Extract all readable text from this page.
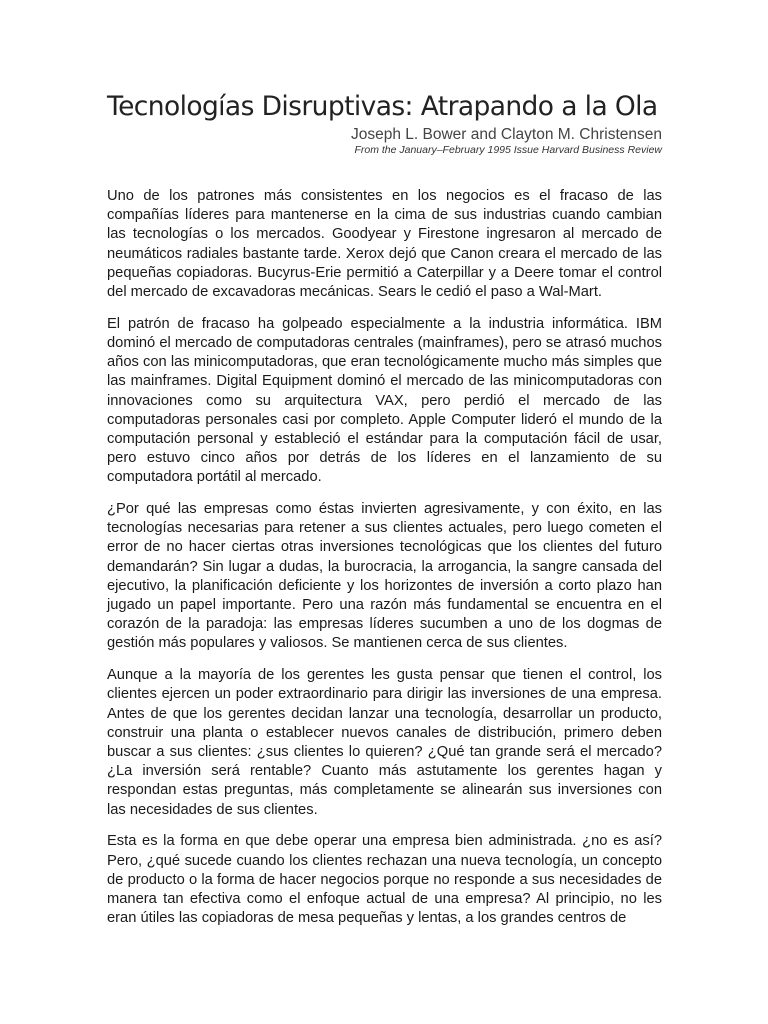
Tecnologías Disruptivas: Atrapando a la Ola
Joseph L. Bower and Clayton M. Christensen
From the January–February 1995 Issue Harvard Business Review

Uno de los patrones más consistentes en los negocios es el fracaso de las compañías líderes para mantenerse en la cima de sus industrias cuando cambian las tecnologías o los mercados. Goodyear y Firestone ingresaron al mercado de neumáticos radiales bastante tarde. Xerox dejó que Canon creara el mercado de las pequeñas copiadoras. Bucyrus-Erie permitió a Caterpillar y a Deere tomar el control del mercado de excavadoras mecánicas. Sears le cedió el paso a Wal-Mart.

El patrón de fracaso ha golpeado especialmente a la industria informática. IBM dominó el mercado de computadoras centrales (mainframes), pero se atrasó muchos años con las minicomputadoras, que eran tecnológicamente mucho más simples que las mainframes. Digital Equipment dominó el mercado de las minicomputadoras con innovaciones como su arquitectura VAX, pero perdió el mercado de las computadoras personales casi por completo. Apple Computer lideró el mundo de la computación personal y estableció el estándar para la computación fácil de usar, pero estuvo cinco años por detrás de los líderes en el lanzamiento de su computadora portátil al mercado.

¿Por qué las empresas como éstas invierten agresivamente, y con éxito, en las tecnologías necesarias para retener a sus clientes actuales, pero luego cometen el error de no hacer ciertas otras inversiones tecnológicas que los clientes del futuro demandarán? Sin lugar a dudas, la burocracia, la arrogancia, la sangre cansada del ejecutivo, la planificación deficiente y los horizontes de inversión a corto plazo han jugado un papel importante. Pero una razón más fundamental se encuentra en el corazón de la paradoja: las empresas líderes sucumben a uno de los dogmas de gestión más populares y valiosos. Se mantienen cerca de sus clientes.

Aunque a la mayoría de los gerentes les gusta pensar que tienen el control, los clientes ejercen un poder extraordinario para dirigir las inversiones de una empresa. Antes de que los gerentes decidan lanzar una tecnología, desarrollar un producto, construir una planta o establecer nuevos canales de distribución, primero deben buscar a sus clientes: ¿sus clientes lo quieren? ¿Qué tan grande será el mercado? ¿La inversión será rentable? Cuanto más astutamente los gerentes hagan y respondan estas preguntas, más completamente se alinearán sus inversiones con las necesidades de sus clientes.

Esta es la forma en que debe operar una empresa bien administrada. ¿no es así? Pero, ¿qué sucede cuando los clientes rechazan una nueva tecnología, un concepto de producto o la forma de hacer negocios porque no responde a sus necesidades de manera tan efectiva como el enfoque actual de una empresa? Al principio, no les eran útiles las copiadoras de mesa pequeñas y lentas, a los grandes centros de
